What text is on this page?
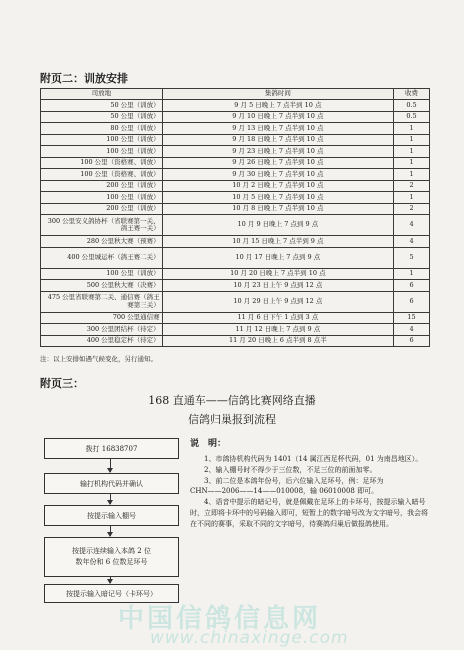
附页二：训放安排
司放地	集鸽时间	收费
50 公里（训放）	9 月 5 日晚上 7 点半到 10 点	0.5
50 公里（训放）	9 月 10 日晚上 7 点半到 10 点	0.5
80 公里（训放）	9 月 13 日晚上 7 点半到 10 点	1
100 公里（训放）	9 月 18 日晚上 7 点半到 10 点	1
100 公里（训放）	9 月 23 日晚上 7 点半到 10 点	1
100 公里（资格赛、训放）	9 月 26 日晚上 7 点半到 10 点	1
100 公里（资格赛、训放）	9 月 30 日晚上 7 点半到 10 点	1
200 公里（训放）	10 月 2 日晚上 7 点半到 10 点	2
100 公里（训放）	10 月 5 日晚上 7 点半到 10 点	1
200 公里（训放）	10 月 8 日晚上 7 点半到 10 点	2
300 公里安义鸽协杯（省联赛第一关、鸽王赛一关）	10 月 9 日晚上 7 点到 9 点	4
280 公里秋大赛（预赛）	10 月 15 日晚上 7 点半到 9 点	4
400 公里城运杯（鸽王赛二关）	10 月 17 日晚上 7 点到 9 点	5
100 公里（训放）	10 月 20 日晚上 7 点半到 10 点	1
500 公里秋大赛（决赛）	10 月 23 日上午 9 点到 12 点	6
475 公里省联赛第二关、通信赛（鸽王赛第三关）	10 月 29 日上午 9 点到 12 点	6
700 公里通信赛	11 月 6 日下午 1 点到 3 点	15
300 公里团结杯（待定）	11 月 12 日晚上 7 点到 9 点	4
400 公里稳定杯（待定）	11 月 20 日晚上 6 点半到 8 点半	6
注：以上安排如遇气候变化，另行通知。
附页三：
168 直通车——信鸽比赛网络直播
信鸽归巢报到流程
拨打 16838707
输打机构代码并确认
按提示输入棚号
按提示连续输入本鸽 2 位
数年份和 6 位数足环号
按提示输入暗记号（卡环号）
说　明：

1、市鸽协机构代码为 1401（14 属江西足杯代码，01 为南昌地区）。

2、输入棚号时不得少于三位数，不足三位的前面加零。

3、前二位是本鸽年份号，后六位输入足环号，例：足环为

CHN——2006——14——010008，输 06010008 即可。

4、语音中提示的暗记号，就是佩戴在足环上的卡环号，按提示输入暗号时，立即将卡环中的号码输入即可，短暂上的数字暗号改为文字暗号，我会将在不同的赛事，采取不同的文字暗号，待赛鸽归巢后做报鸽使用。

中国信鸽信息网
www.chinaxinge.com
